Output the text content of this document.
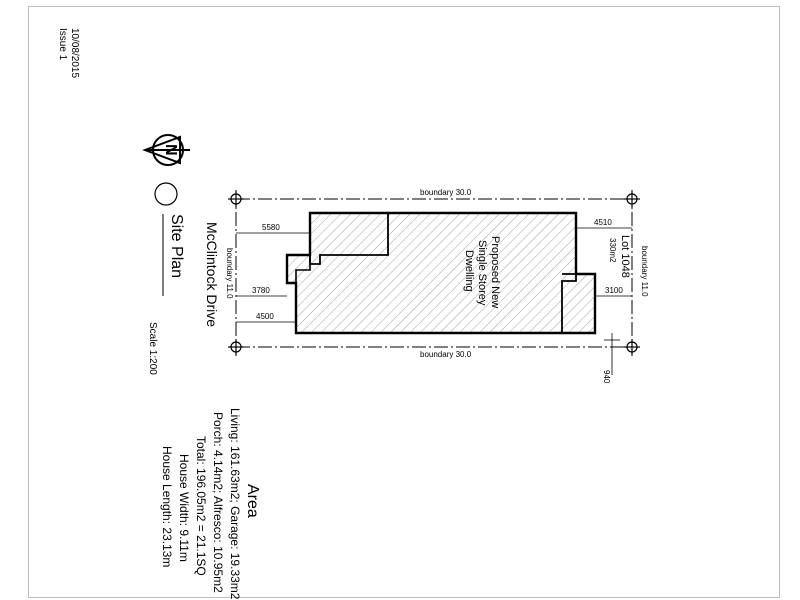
Issue 1 10/08/2015
N
Site Plan McClintock Drive
Scale 1:200
boundary 30.0
boundary 30.0
boundary 11.0	boundary 11.0
Proposed New
Single Storey
Dwelling	Lot 1048
330m2
5580
3780
4500
4510
3100
940
Area
Living: 161.63m2; Garage: 19.33m2
Porch: 4.14m2; Alfresco: 10.95m2
Total: 196.05m2 = 21.1SQ
House Width: 9.11m
House Length: 23.13m
